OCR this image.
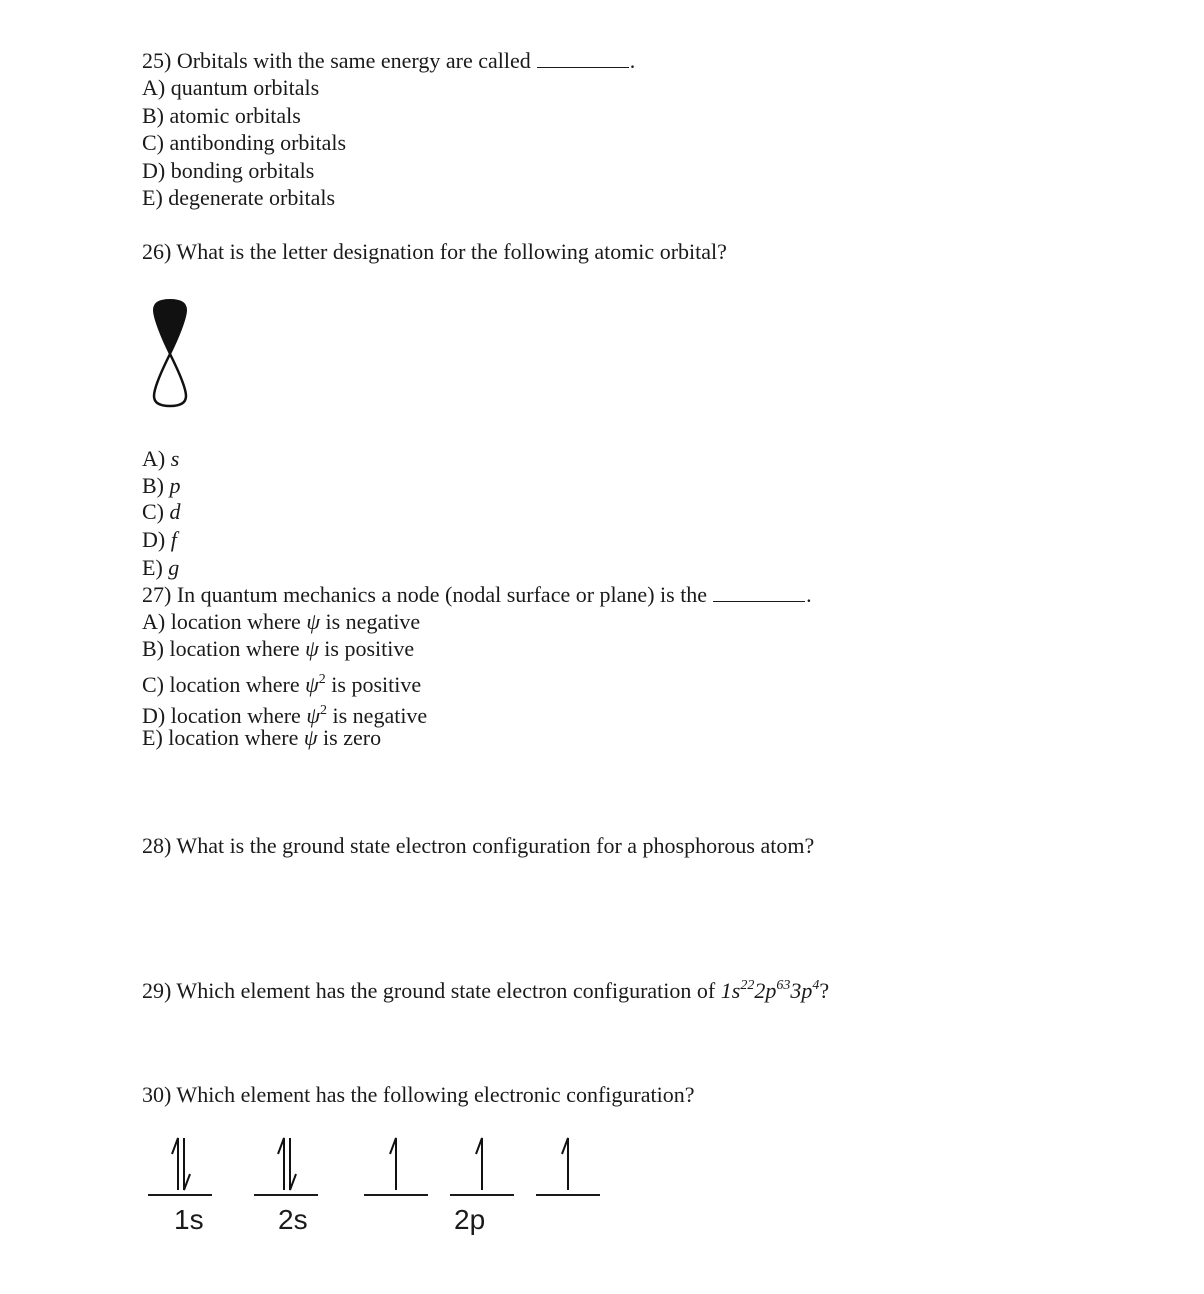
25) Orbitals with the same energy are called	.
A) quantum orbitals
B) atomic orbitals
C) antibonding orbitals
D) bonding orbitals
E) degenerate orbitals
26) What is the letter designation for the following atomic orbital?
A) s
B) p
C) d
D) f
E) g
27) In quantum mechanics a node (nodal surface or plane) is the	.
A) location where ψ is negative
B) location where ψ is positive
C) location where $\psi^2$ is positive
D) location where $\psi^2$ is negative
E) location where ψ is zero
28) What is the ground state electron configuration for a phosphorous atom?
29) Which element has the ground state electron configuration of $1s^{22}2p^{63}3p^4$?
30) Which element has the following electronic configuration?
1s	2s	2p
